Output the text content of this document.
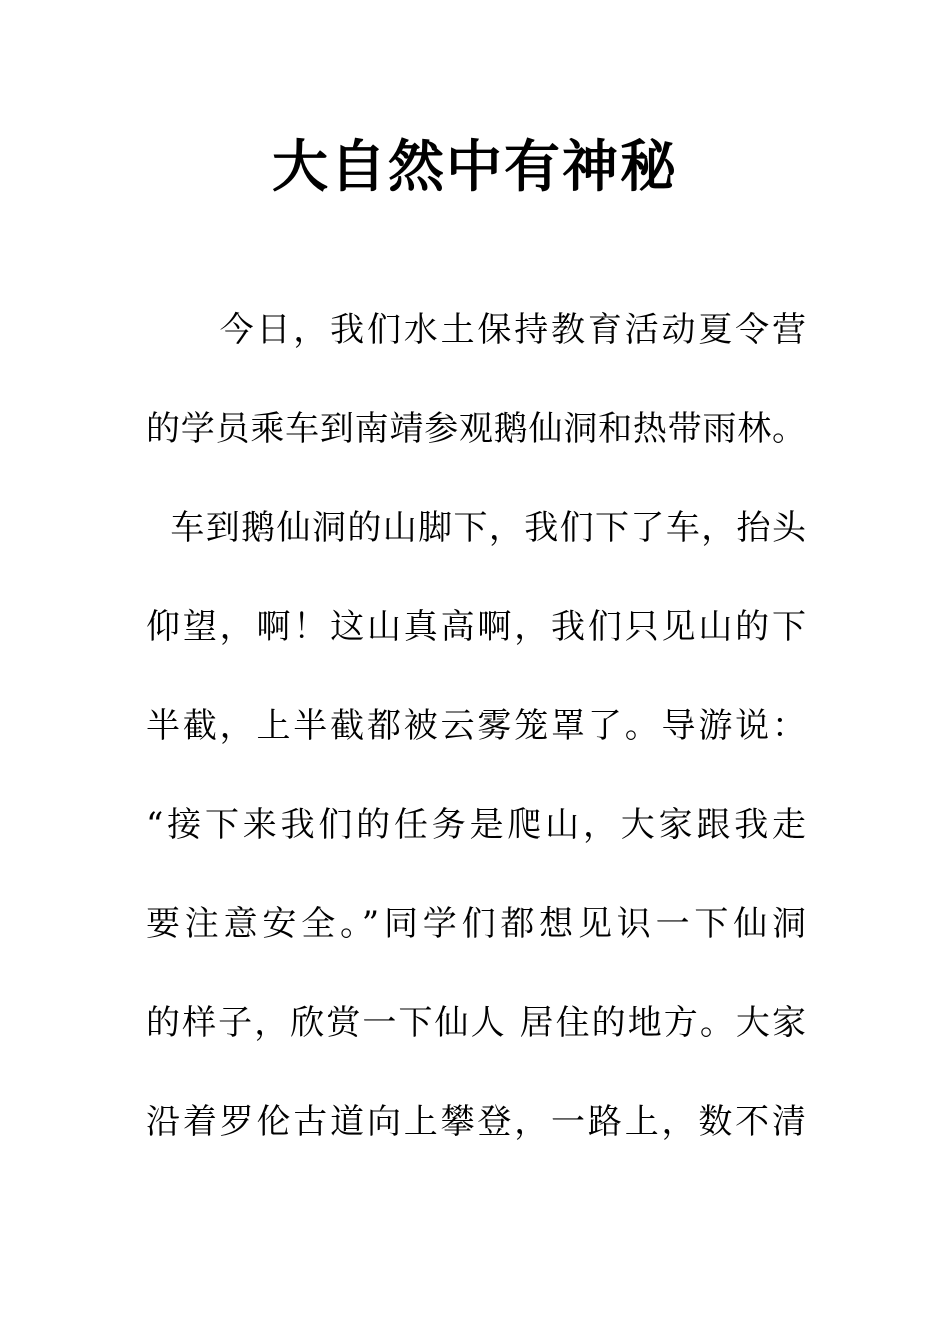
大自然中有神秘
　　今日，我们水土保持教育活动夏令营
的学员乘车到南靖参观鹅仙洞和热带雨林。
车到鹅仙洞的山脚下，我们下了车，抬头
仰望，啊！这山真高啊，我们只见山的下
半截，上半截都被云雾笼罩了。导游说：
“接下来我们的任务是爬山，大家跟我走
要注意安全。”同学们都想见识一下仙洞
的样子，欣赏一下仙人 居住的地方。大家
沿着罗伦古道向上攀登，一路上，数不清
